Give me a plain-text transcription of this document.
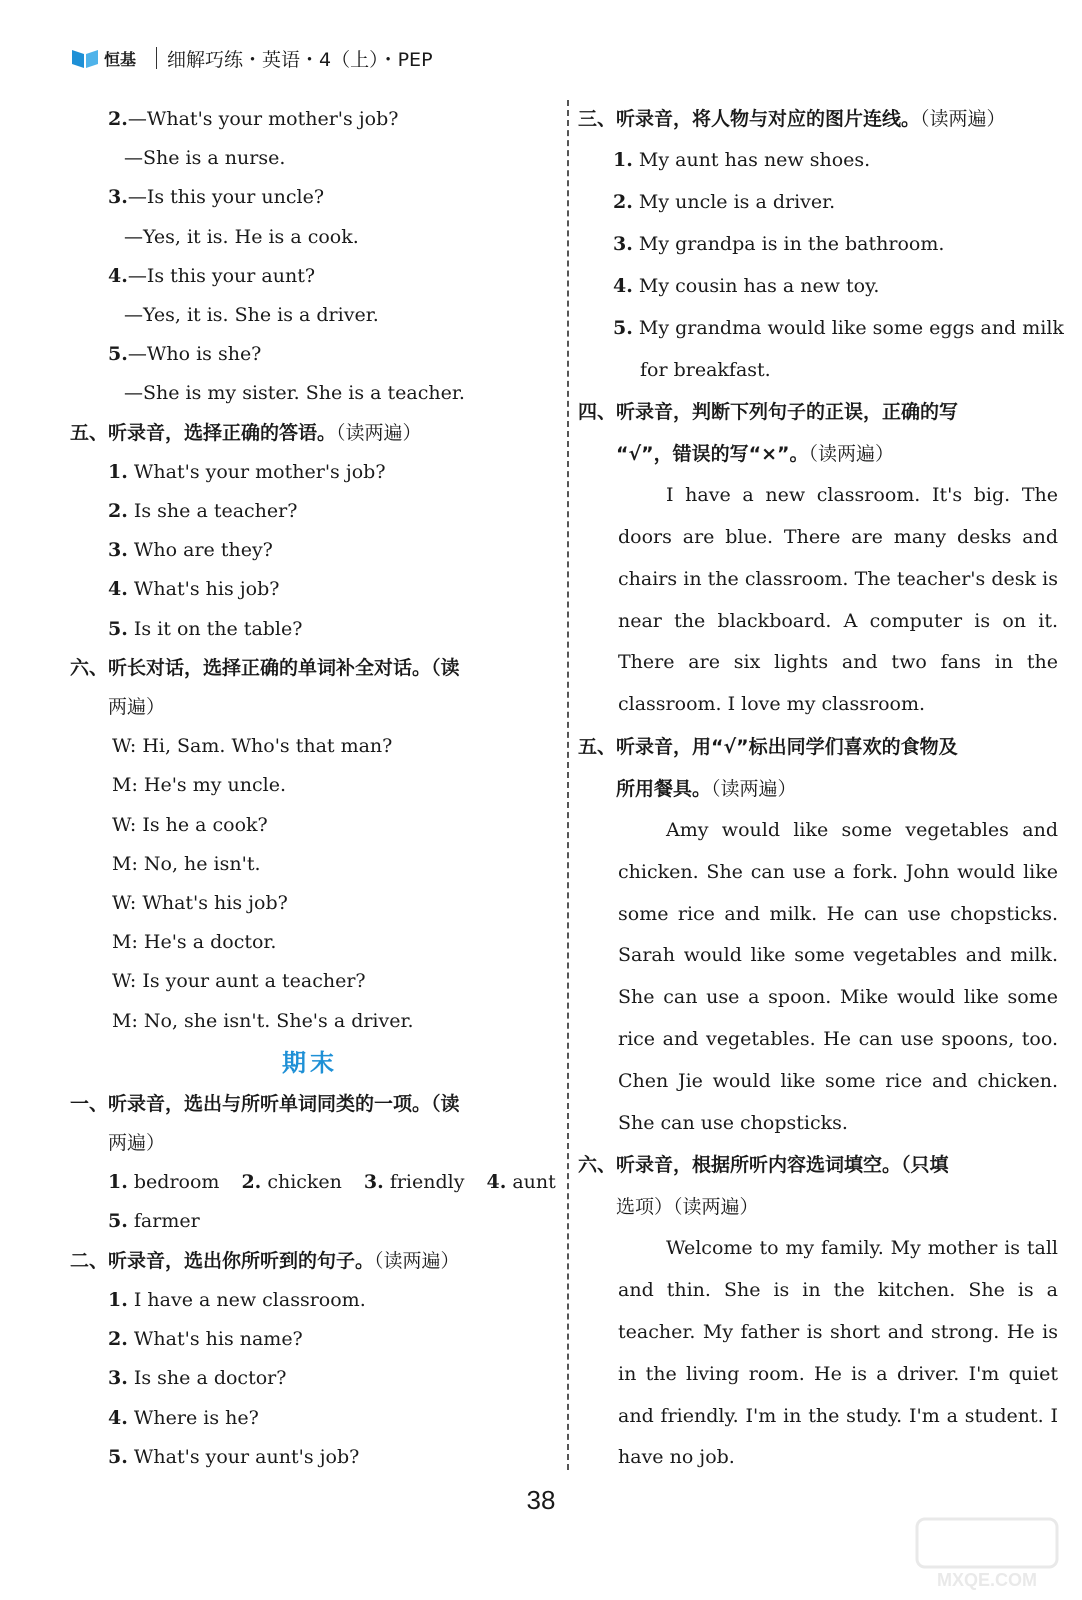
恒基 细解巧练・英语・4（上）・PEP
2.—What's your mother's job?
—She is a nurse.
3.—Is this your uncle?
—Yes, it is. He is a cook.
4.—Is this your aunt?
—Yes, it is. She is a driver.
5.—Who is she?
—She is my sister. She is a teacher.
五、听录音，选择正确的答语。（读两遍）
1. What's your mother's job?
2. Is she a teacher?
3. Who are they?
4. What's his job?
5. Is it on the table?
六、听长对话，选择正确的单词补全对话。（读
两遍）
W: Hi, Sam. Who's that man?
M: He's my uncle.
W: Is he a cook?
M: No, he isn't.
W: What's his job?
M: He's a doctor.
W: Is your aunt a teacher?
M: No, she isn't. She's a driver.
期末
一、听录音，选出与所听单词同类的一项。（读
两遍）
1. bedroom 2. chicken 3. friendly 4. aunt
5. farmer
二、听录音，选出你所听到的句子。（读两遍）
1. I have a new classroom.
2. What's his name?
3. Is she a doctor?
4. Where is he?
5. What's your aunt's job?
三、听录音，将人物与对应的图片连线。（读两遍）
1. My aunt has new shoes.
2. My uncle is a driver.
3. My grandpa is in the bathroom.
4. My cousin has a new toy.
5. My grandma would like some eggs and milk
for breakfast.
四、听录音，判断下列句子的正误，正确的写
“√”，错误的写“×”。（读两遍）

I have a new classroom. It's big. The doors are blue. There are many desks and chairs in the classroom. The teacher's desk is near the blackboard. A computer is on it. There are six lights and two fans in the classroom. I love my classroom.

五、听录音，用“√”标出同学们喜欢的食物及
所用餐具。（读两遍）

Amy would like some vegetables and chicken. She can use a fork. John would like some rice and milk. He can use chopsticks. Sarah would like some vegetables and milk. She can use a spoon. Mike would like some rice and vegetables. He can use spoons, too. Chen Jie would like some rice and chicken. She can use chopsticks.

六、听录音，根据所听内容选词填空。（只填
选项）（读两遍）

Welcome to my family. My mother is tall and thin. She is in the kitchen. She is a teacher. My father is short and strong. He is in the living room. He is a driver. I'm quiet and friendly. I'm in the study. I'm a student. I have no job.

38
MXQE.COM
